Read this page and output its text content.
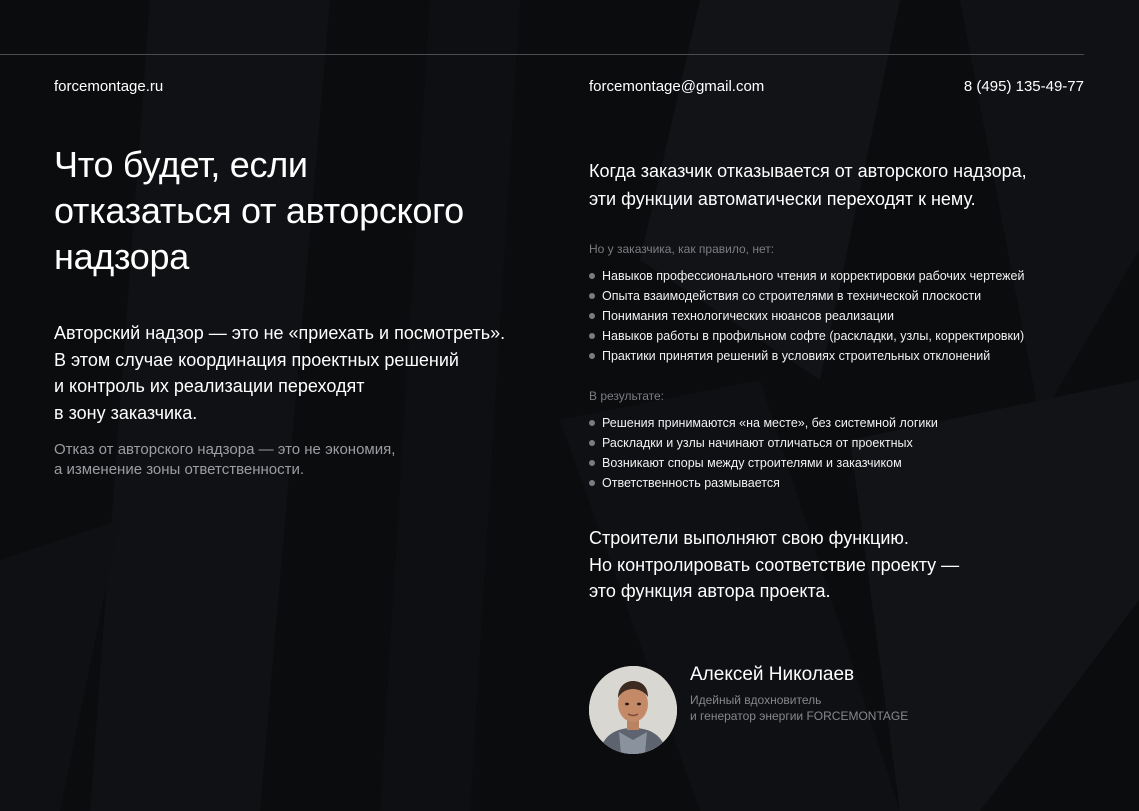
forcemontage.ru	forcemontage@gmail.com	8 (495) 135-49-77
Что будет, если
отказаться от авторского
надзора

Авторский надзор — это не «приехать и посмотреть».
В этом случае координация проектных решений
и контроль их реализации переходят
в зону заказчика.

Отказ от авторского надзора — это не экономия,
а изменение зоны ответственности.

Когда заказчик отказывается от авторского надзора,
эти функции автоматически переходят к нему.

Но у заказчика, как правило, нет:

Навыков профессионального чтения и корректировки рабочих чертежей
Опыта взаимодействия со строителями в технической плоскости
Понимания технологических нюансов реализации
Навыков работы в профильном софте (раскладки, узлы, корректировки)
Практики принятия решений в условиях строительных отклонений

В результате:

Решения принимаются «на месте», без системной логики
Раскладки и узлы начинают отличаться от проектных
Возникают споры между строителями и заказчиком
Ответственность размывается

Строители выполняют свою функцию.
Но контролировать соответствие проекту —
это функция автора проекта.

Алексей Николаев
Идейный вдохновитель
и генератор энергии FORCEMONTAGE
